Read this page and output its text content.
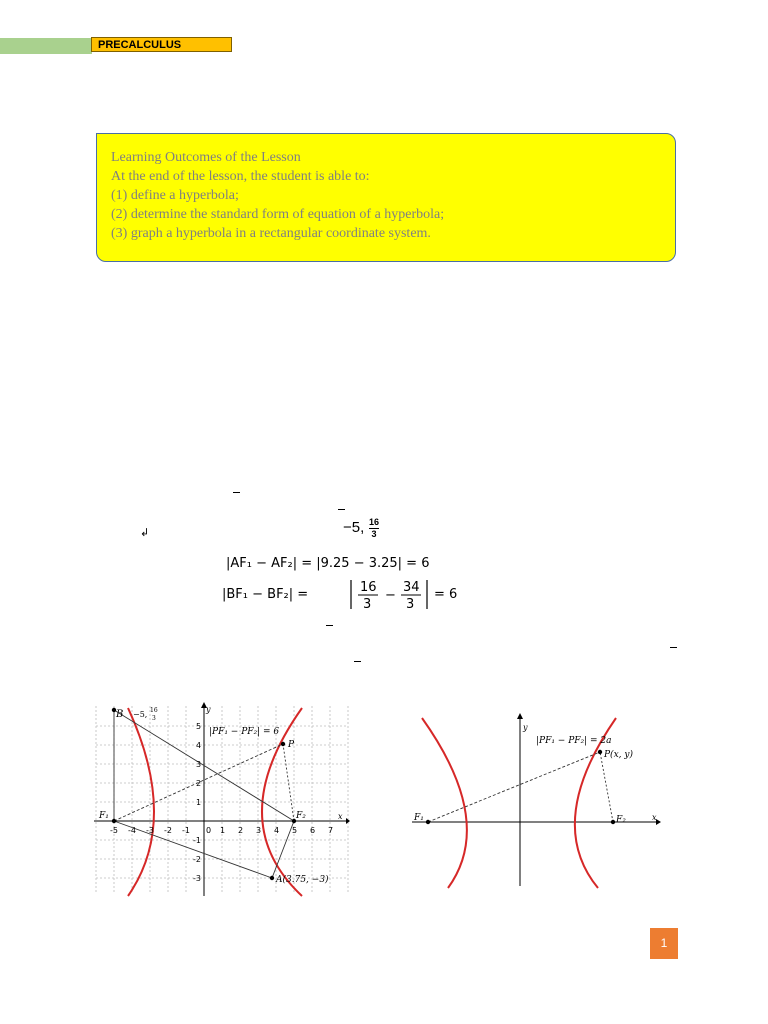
PRECALCULUS
Learning Outcomes of the Lesson
At the end of the lesson, the student is able to:
(1) define a hyperbola;
(2) determine the standard form of equation of a hyperbola;
(3) graph a hyperbola in a rectangular coordinate system.
↲	−5, $\frac{16}{3}$
|AF₁ − AF₂| = |9.25 − 3.25| = 6
|BF₁ − BF₂| =	16
3
−
34
3
= 6
B −5, 16
3
|PF₁ − PF₂| = 6
P
F₁	F₂
A(3.75, −3)
y
x
-5 -4 -3 -2 -1 0 1 2 3 4 5 6 7
5
4
3
2
1
-1
-2
-3
y
x
|PF₁ − PF₂| = 2a
P(x, y)
F₁	F₂
1
